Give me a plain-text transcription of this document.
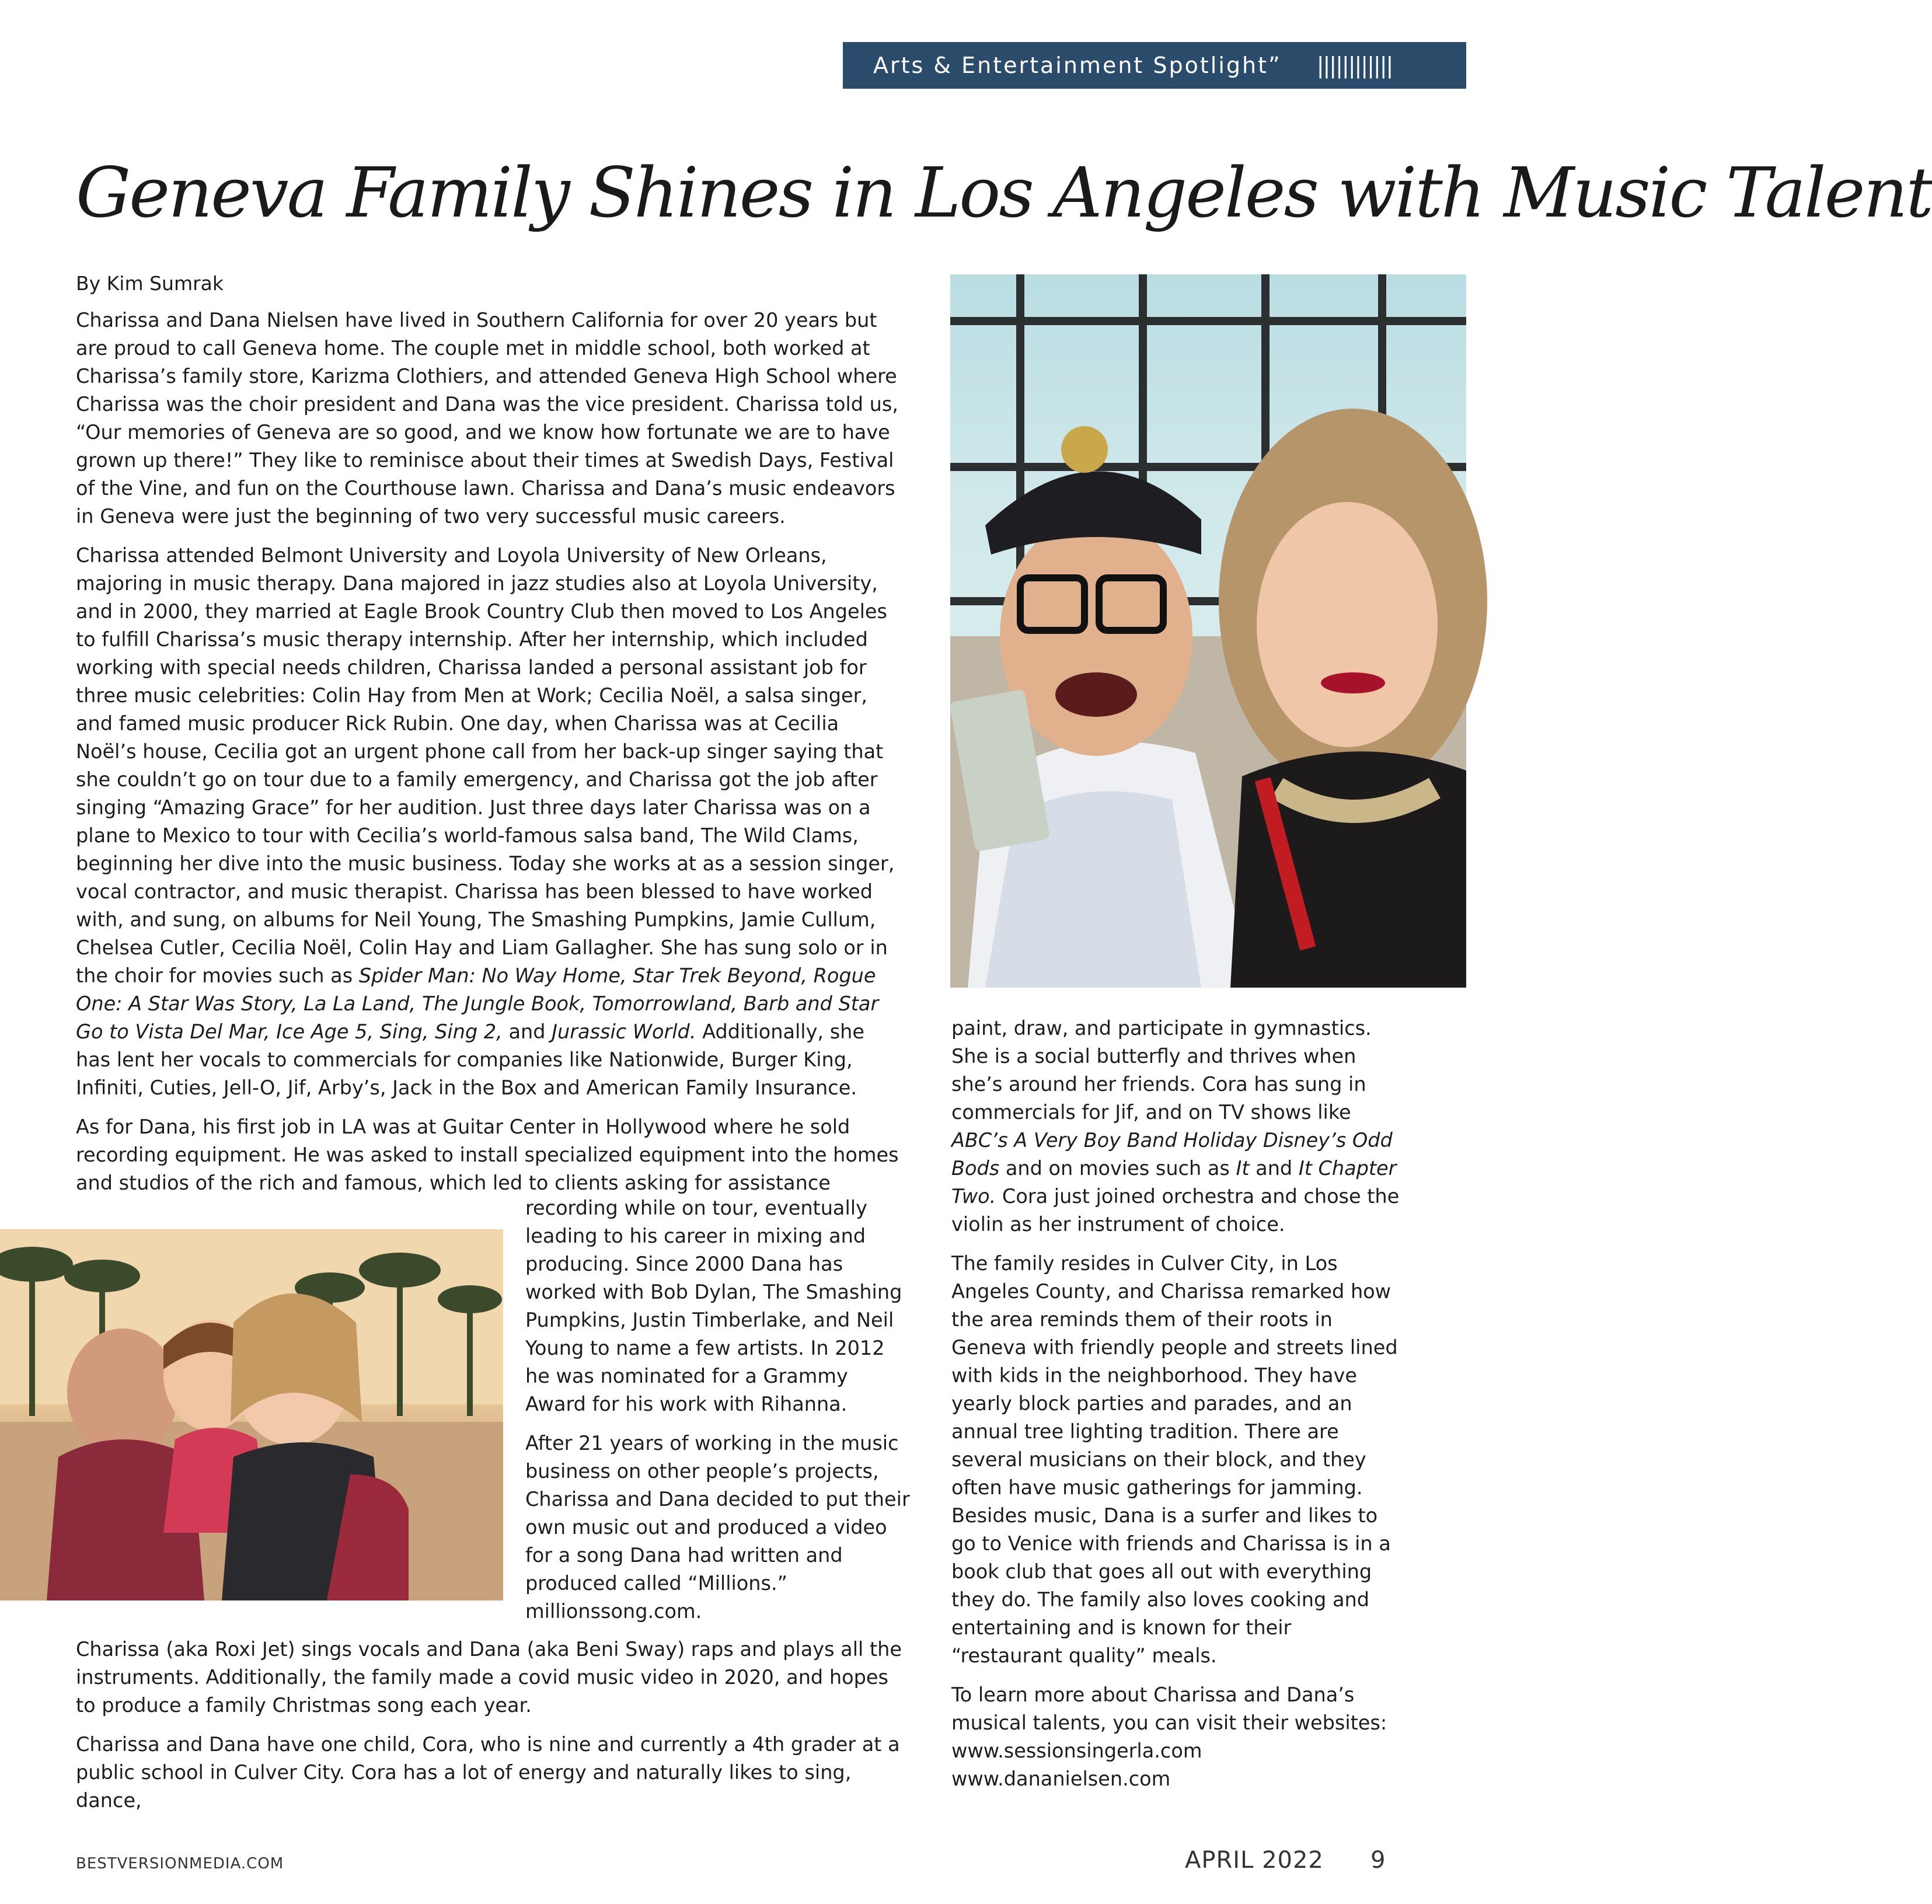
Arts & Entertainment Spotlight” ||||||||||||
Geneva Family Shines in Los Angeles with Music Talent
By Kim Sumrak

Charissa and Dana Nielsen have lived in Southern California for over 20 years but are proud to call Geneva home. The couple met in middle school, both worked at Charissa’s family store, Karizma Clothiers, and attended Geneva High School where Charissa was the choir president and Dana was the vice president. Charissa told us, “Our memories of Geneva are so good, and we know how fortunate we are to have grown up there!” They like to reminisce about their times at Swedish Days, Festival of the Vine, and fun on the Courthouse lawn. Charissa and Dana’s music endeavors in Geneva were just the beginning of two very successful music careers.

Charissa attended Belmont University and Loyola University of New Orleans, majoring in music therapy. Dana majored in jazz studies also at Loyola University, and in 2000, they married at Eagle Brook Country Club then moved to Los Angeles to fulfill Charissa’s music therapy internship. After her internship, which included working with special needs children, Charissa landed a personal assistant job for three music celebrities: Colin Hay from Men at Work; Cecilia Noël, a salsa singer, and famed music producer Rick Rubin. One day, when Charissa was at Cecilia Noël’s house, Cecilia got an urgent phone call from her back-up singer saying that she couldn’t go on tour due to a family emergency, and Charissa got the job after singing “Amazing Grace” for her audition. Just three days later Charissa was on a plane to Mexico to tour with Cecilia’s world-famous salsa band, The Wild Clams, beginning her dive into the music business. Today she works at as a session singer, vocal contractor, and music therapist. Charissa has been blessed to have worked with, and sung, on albums for Neil Young, The Smashing Pumpkins, Jamie Cullum, Chelsea Cutler, Cecilia Noël, Colin Hay and Liam Gallagher. She has sung solo or in the choir for movies such as Spider Man: No Way Home, Star Trek Beyond, Rogue One: A Star Was Story, La La Land, The Jungle Book, Tomorrowland, Barb and Star Go to Vista Del Mar, Ice Age 5, Sing, Sing 2, and Jurassic World. Additionally, she has lent her vocals to commercials for companies like Nationwide, Burger King, Infiniti, Cuties, Jell-O, Jif, Arby’s, Jack in the Box and American Family Insurance.

As for Dana, his first job in LA was at Guitar Center in Hollywood where he sold recording equipment. He was asked to install specialized equipment into the homes and studios of the rich and famous, which led to clients asking for assistance

recording while on tour, eventually leading to his career in mixing and producing. Since 2000 Dana has worked with Bob Dylan, The Smashing Pumpkins, Justin Timberlake, and Neil Young to name a few artists. In 2012 he was nominated for a Grammy Award for his work with Rihanna.

After 21 years of working in the music business on other people’s projects, Charissa and Dana decided to put their own music out and produced a video for a song Dana had written and produced called “Millions.” millionssong.com.

Charissa (aka Roxi Jet) sings vocals and Dana (aka Beni Sway) raps and plays all the instruments. Additionally, the family made a covid music video in 2020, and hopes to produce a family Christmas song each year.

Charissa and Dana have one child, Cora, who is nine and currently a 4th grader at a public school in Culver City. Cora has a lot of energy and naturally likes to sing, dance,

paint, draw, and participate in gymnastics. She is a social butterfly and thrives when she’s around her friends. Cora has sung in commercials for Jif, and on TV shows like ABC’s A Very Boy Band Holiday Disney’s Odd Bods and on movies such as It and It Chapter Two. Cora just joined orchestra and chose the violin as her instrument of choice.

The family resides in Culver City, in Los Angeles County, and Charissa remarked how the area reminds them of their roots in Geneva with friendly people and streets lined with kids in the neighborhood. They have yearly block parties and parades, and an annual tree lighting tradition. There are several musicians on their block, and they often have music gatherings for jamming. Besides music, Dana is a surfer and likes to go to Venice with friends and Charissa is in a book club that goes all out with everything they do. The family also loves cooking and entertaining and is known for their “restaurant quality” meals.

To learn more about Charissa and Dana’s musical talents, you can visit their websites:
www.sessionsingerla.com
www.dananielsen.com

BESTVERSIONMEDIA.COM	APRIL 2022 9
